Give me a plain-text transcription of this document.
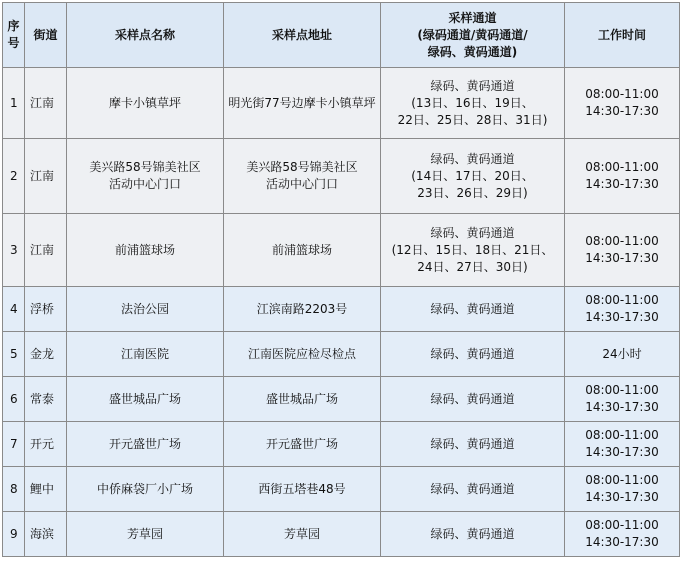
序
号	街道	采样点名称	采样点地址	采样通道
(绿码通道/黄码通道/
绿码、黄码通道)	工作时间
1	江南	摩卡小镇草坪	明光街77号边摩卡小镇草坪	绿码、黄码通道
(13日、16日、19日、
22日、25日、28日、31日)	08:00-11:00
14:30-17:30

2	江南	美兴路58号锦美社区
活动中心门口	美兴路58号锦美社区
活动中心门口	绿码、黄码通道
(14日、17日、20日、
23日、26日、29日)	08:00-11:00
14:30-17:30

3	江南	前浦篮球场	前浦篮球场	绿码、黄码通道
(12日、15日、18日、21日、
24日、27日、30日)	08:00-11:00
14:30-17:30

4	浮桥	法治公园	江滨南路2203号	绿码、黄码通道	08:00-11:00
14:30-17:30

5	金龙	江南医院	江南医院应检尽检点	绿码、黄码通道	24小时

6	常泰	盛世城品广场	盛世城品广场	绿码、黄码通道	08:00-11:00
14:30-17:30

7	开元	开元盛世广场	开元盛世广场	绿码、黄码通道	08:00-11:00
14:30-17:30

8	鲤中	中侨麻袋厂小广场	西街五塔巷48号	绿码、黄码通道	08:00-11:00
14:30-17:30

9	海滨	芳草园	芳草园	绿码、黄码通道	08:00-11:00
14:30-17:30
